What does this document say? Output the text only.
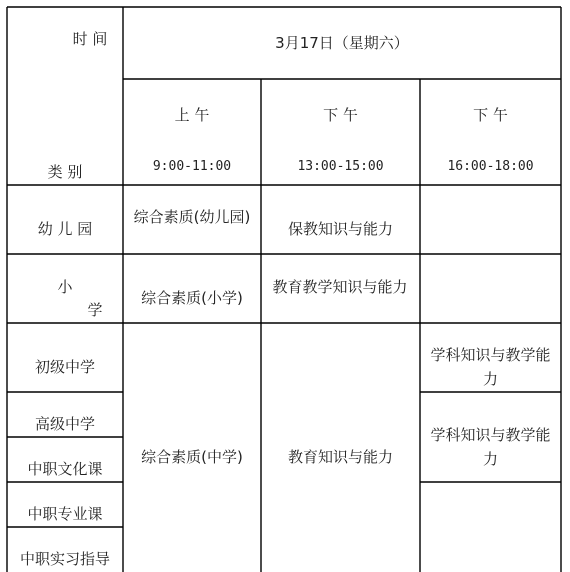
时 间
类 别
3月17日（星期六）
上 午
9:00-11:00
下 午
13:00-15:00
下 午
16:00-18:00
幼 儿 园
小
学
初级中学
高级中学
中职文化课
中职专业课
中职实习指导
综合素质(幼儿园)
保教知识与能力
综合素质(小学)
教育教学知识与能力
综合素质(中学)	教育知识与能力
学科知识与教学能力
学科知识与教学能力
